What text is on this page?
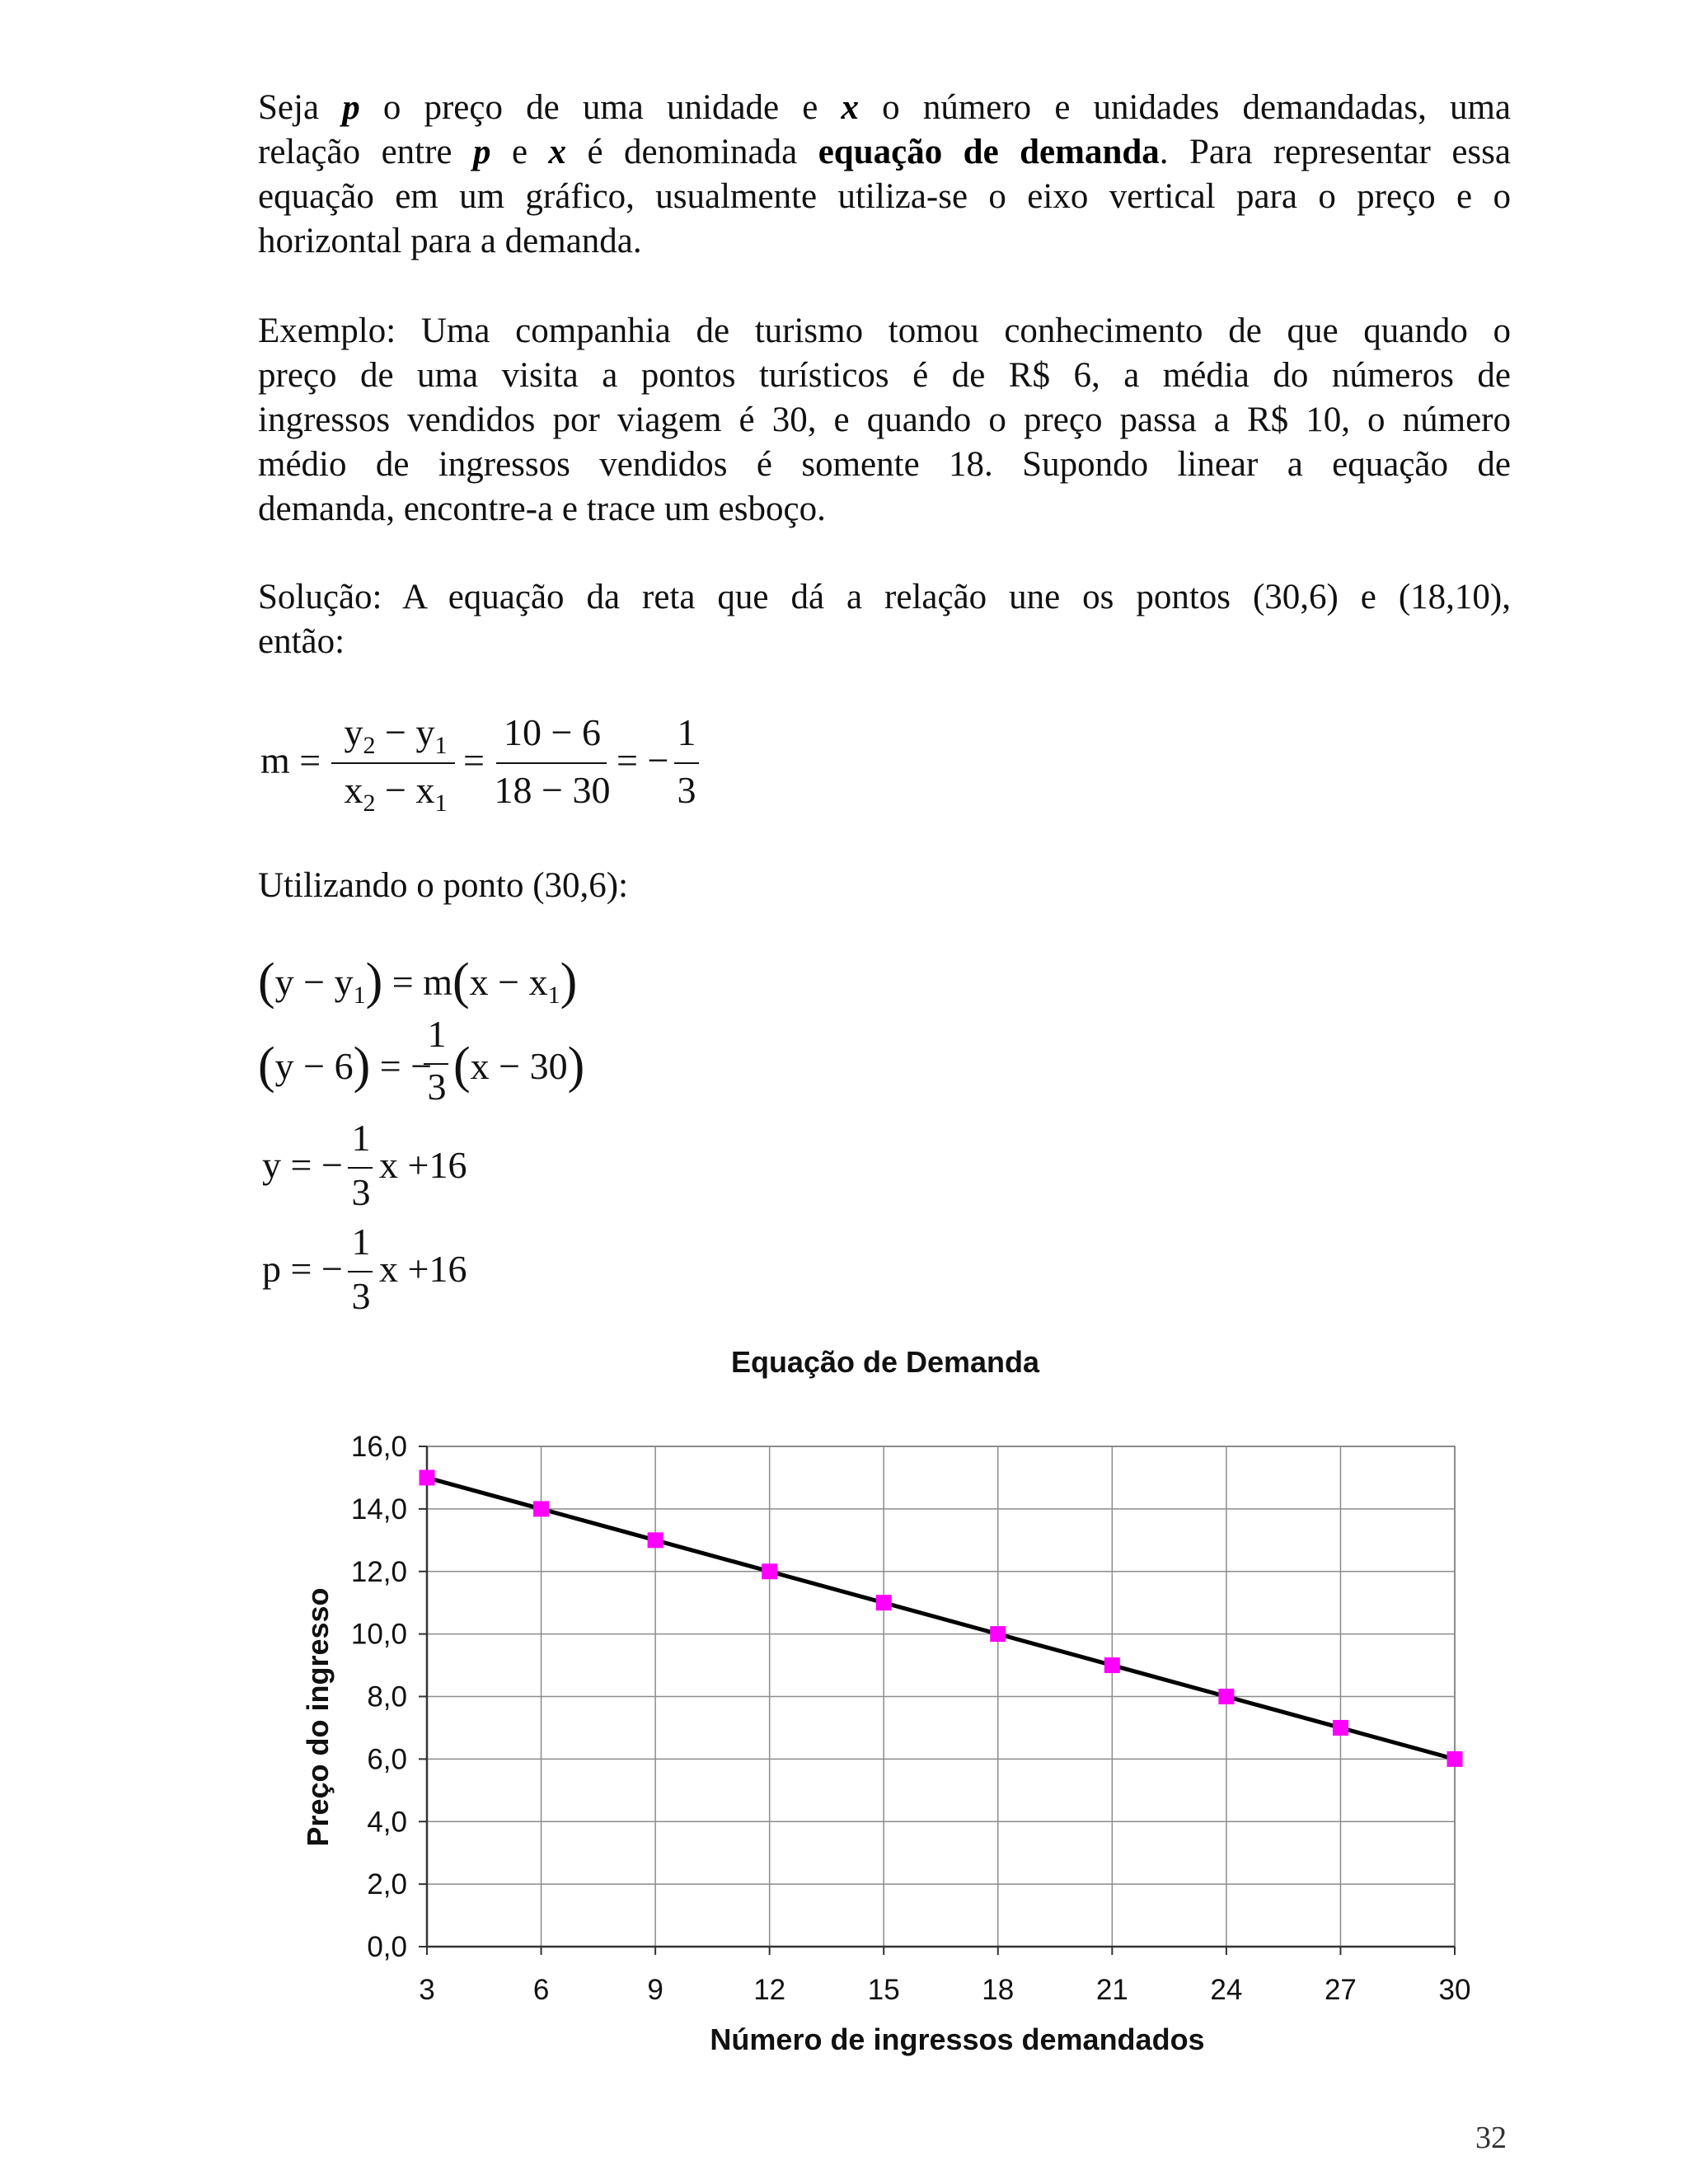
Seja p o preço de uma unidade e x o número e unidades demandadas, uma
relação entre p e x é denominada equação de demanda. Para representar essa
equação em um gráfico, usualmente utiliza-se o eixo vertical para o preço e o
horizontal para a demanda.
Exemplo: Uma companhia de turismo tomou conhecimento de que quando o
preço de uma visita a pontos turísticos é de R$ 6, a média do números de
ingressos vendidos por viagem é 30, e quando o preço passa a R$ 10, o número
médio de ingressos vendidos é somente 18. Supondo linear a equação de
demanda, encontre-a e trace um esboço.
Solução: A equação da reta que dá a relação une os pontos (30,6) e (18,10),
então:
m =
$y_2 - y_1$
$x_2 - x_1$
=
10 − 6
18 − 30
= −
1
3
Utilizando o ponto (30,6):
$(y - y_1) = m(x - x_1)$
(y − 6) = −
1
3 (x − 30)
y = −
1
3
x +16
p = −
1
3
x +16
Equação de Demanda
0,0
2,0
4,0
6,0
8,0
10,0
12,0
14,0
16,0
3	6	9	12	15	18	21	24	27	30
Número de ingressos demandados
Preço do ingresso
32
